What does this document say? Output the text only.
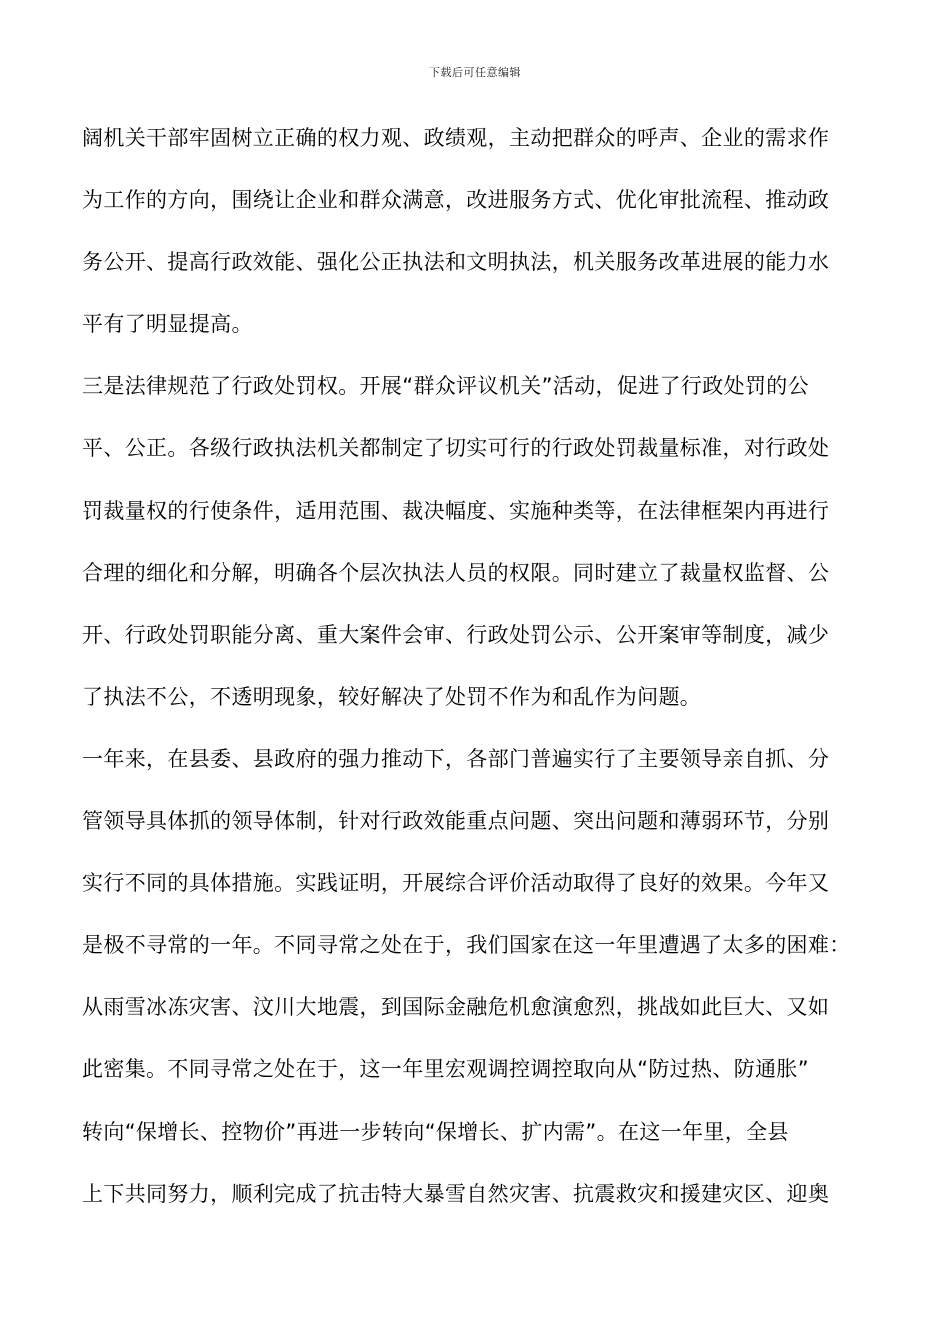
下载后可任意编辑
阔机关干部牢固树立正确的权力观、政绩观，主动把群众的呼声、企业的需求作
为工作的方向，围绕让企业和群众满意，改进服务方式、优化审批流程、推动政
务公开、提高行政效能、强化公正执法和文明执法，机关服务改革进展的能力水
平有了明显提高。
三是法律规范了行政处罚权。开展“群众评议机关”活动，促进了行政处罚的公
平、公正。各级行政执法机关都制定了切实可行的行政处罚裁量标准，对行政处
罚裁量权的行使条件，适用范围、裁决幅度、实施种类等，在法律框架内再进行
合理的细化和分解，明确各个层次执法人员的权限。同时建立了裁量权监督、公
开、行政处罚职能分离、重大案件会审、行政处罚公示、公开案审等制度，减少
了执法不公，不透明现象，较好解决了处罚不作为和乱作为问题。
一年来，在县委、县政府的强力推动下，各部门普遍实行了主要领导亲自抓、分
管领导具体抓的领导体制，针对行政效能重点问题、突出问题和薄弱环节，分别
实行不同的具体措施。实践证明，开展综合评价活动取得了良好的效果。今年又
是极不寻常的一年。不同寻常之处在于，我们国家在这一年里遭遇了太多的困难：
从雨雪冰冻灾害、汶川大地震，到国际金融危机愈演愈烈，挑战如此巨大、又如
此密集。不同寻常之处在于，这一年里宏观调控调控取向从“防过热、防通胀”
转向“保增长、控物价”再进一步转向“保增长、扩内需”。在这一年里，全县
上下共同努力，顺利完成了抗击特大暴雪自然灾害、抗震救灾和援建灾区、迎奥
